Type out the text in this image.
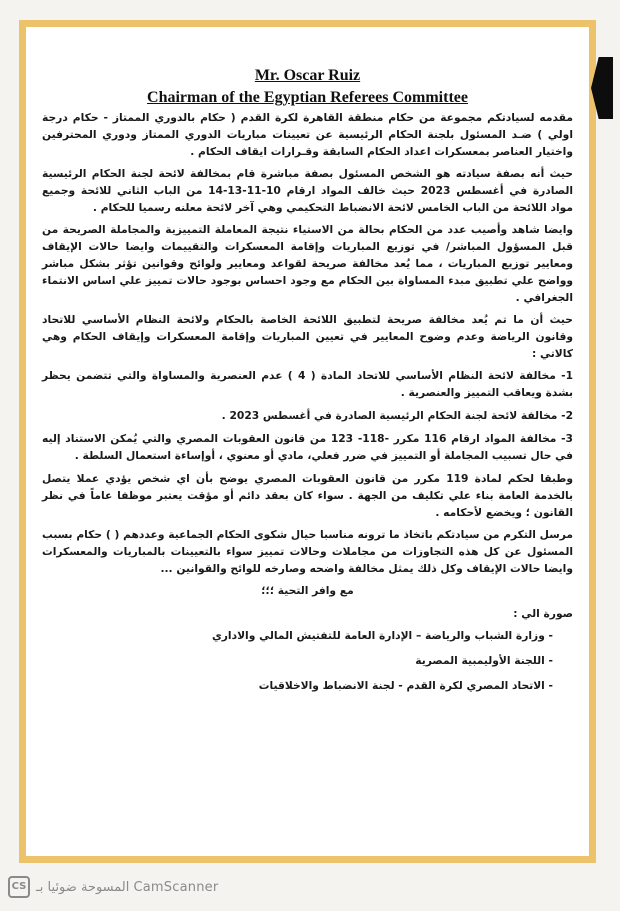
Mr. Oscar Ruiz
Chairman of the Egyptian Referees Committee

مقدمه لسيادتكم مجموعة من حكام منطقة القاهرة لكرة القدم ( حكام بالدوري الممتاز - حكام درجة اولي ) ضـد المسئول بلجنة الحكام الرئيسية عن تعيينات مباريات الدوري الممتاز ودوري المحترفين واختيار العناصر بمعسكرات اعداد الحكام السابقة وقـرارات ايقاف الحكام .

حيث أنه بصفة سيادته هو الشخص المسئول بصفة مباشرة قام بمخالفة لائحة لجنة الحكام الرئيسية الصادرة في أغسطس 2023 حيث خالف المواد ارقام 10-11-13-14 من الباب الثاني للائحة وجميع مواد اللائحة من الباب الخامس لائحة الانضباط التحكيمي وهي آخر لائحة معلنه رسميا للحكام .

وايضا شاهد وأصيب عدد من الحكام بحالة من الاستياء نتيجة المعاملة التمييزية والمجاملة الصريحة من قبل المسؤول المباشر/ في توزيع المباريات وإقامة المعسكرات والتقييمات وايضا حالات الإيقاف ومعايير توزيع المباريات ، مما يُعد مخالفة صريحة لقواعد ومعايير ولوائح وقوانين تؤثر بشكل مباشر وواضح علي تطبيق مبدء المساواة بين الحكام مع وجود احساس بوجود حالات تمييز علي اساس الانتماء الجغرافي .

حيث أن ما تم يُعد مخالفة صريحة لتطبيق اللائحة الخاصة بالحكام ولائحة النظام الأساسي للاتحاد وقانون الرياضة وعدم وضوح المعايير في تعيين المباريات وإقامة المعسكرات وإيقاف الحكام وهي كالاتي :

1- مخالفة لائحة النظام الأساسي للاتحاد المادة ( 4 ) عدم العنصرية والمساواة والتي تتضمن يحظر بشدة ويعاقب التمييز والعنصرية .

2- مخالفة لائحة لجنة الحكام الرئيسية الصادرة في أغسطس 2023 .

3- مخالفة المواد ارقام 116 مكرر -118- 123 من قانون العقوبات المصري والتي يُمكن الاستناد إليه في حال تسبيب المجاملة أو التمييز في ضرر فعلي، مادي أو معنوي ، أوإساءة استعمال السلطة .

وطبقا لحكم لمادة 119 مكرر من قانون العقوبات المصري يوضح بأن اي شخص يؤدي عملا يتصل بالخدمة العامة بناء علي تكليف من الجهة . سواء كان بعقد دائم أو مؤقت يعتبر موظفا عاماً في نظر القانون ؛ ويخضع لأحكامه .

مرسل التكرم من سيادتكم باتخاذ ما ترونه مناسبا حيال شكوى الحكام الجماعية وعددهم ( ) حكام بسبب المسئول عن كل هذه التجاوزات من مجاملات وحالات تمييز سواء بالتعيينات بالمباريات والمعسكرات وايضا حالات الإيقاف وكل ذلك يمثل مخالفة واضحه وصارخه للوائح والقوانين ...

مع وافر التحية ؛؛؛

صورة الي :

- وزارة الشباب والرياضة – الإدارة العامة للتفتيش المالي والاداري

- اللجنة الأوليمبية المصرية

- الاتحاد المصري لكرة القدم - لجنة الانضباط والاخلاقيات

CS المسوحة ضوئيا بـ CamScanner
